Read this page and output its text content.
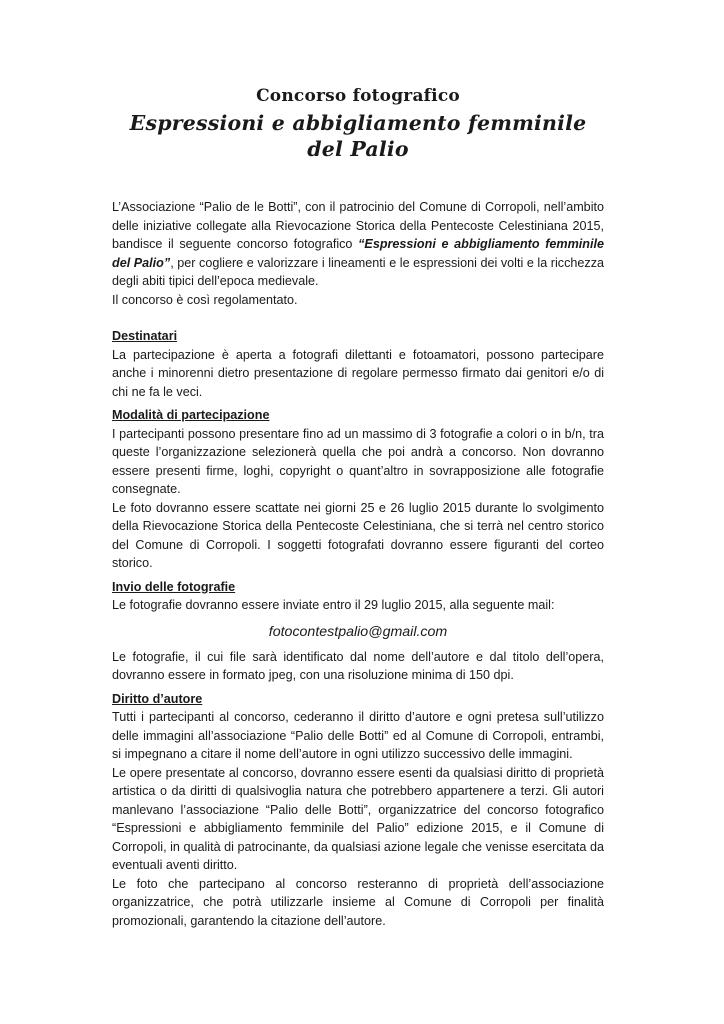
Concorso fotografico
Espressioni e abbigliamento femminile del Palio

L’Associazione “Palio de le Botti”, con il patrocinio del Comune di Corropoli, nell’ambito delle iniziative collegate alla Rievocazione Storica della Pentecoste Celestiniana 2015, bandisce il seguente concorso fotografico “Espressioni e abbigliamento femminile del Palio”, per cogliere e valorizzare i lineamenti e le espressioni dei volti e la ricchezza degli abiti tipici dell’epoca medievale.

Il concorso è così regolamentato.

Destinatari

La partecipazione è aperta a fotografi dilettanti e fotoamatori, possono partecipare anche i minorenni dietro presentazione di regolare permesso firmato dai genitori e/o di chi ne fa le veci.

Modalità di partecipazione

I partecipanti possono presentare fino ad un massimo di 3 fotografie a colori o in b/n, tra queste l’organizzazione selezionerà quella che poi andrà a concorso. Non dovranno essere presenti firme, loghi, copyright o quant’altro in sovrapposizione alle fotografie consegnate.

Le foto dovranno essere scattate nei giorni 25 e 26 luglio 2015 durante lo svolgimento della Rievocazione Storica della Pentecoste Celestiniana, che si terrà nel centro storico del Comune di Corropoli. I soggetti fotografati dovranno essere figuranti del corteo storico.

Invio delle fotografie

Le fotografie dovranno essere inviate entro il 29 luglio 2015, alla seguente mail:

fotocontestpalio@gmail.com

Le fotografie, il cui file sarà identificato dal nome dell’autore e dal titolo dell’opera, dovranno essere in formato jpeg, con una risoluzione minima di 150 dpi.

Diritto d’autore

Tutti i partecipanti al concorso, cederanno il diritto d’autore e ogni pretesa sull’utilizzo delle immagini all’associazione “Palio delle Botti” ed al Comune di Corropoli, entrambi, si impegnano a citare il nome dell’autore in ogni utilizzo successivo delle immagini.

Le opere presentate al concorso, dovranno essere esenti da qualsiasi diritto di proprietà artistica o da diritti di qualsivoglia natura che potrebbero appartenere a terzi. Gli autori manlevano l’associazione “Palio delle Botti”, organizzatrice del concorso fotografico “Espressioni e abbigliamento femminile del Palio” edizione 2015, e il Comune di Corropoli, in qualità di patrocinante, da qualsiasi azione legale che venisse esercitata da eventuali aventi diritto.

Le foto che partecipano al concorso resteranno di proprietà dell’associazione organizzatrice, che potrà utilizzarle insieme al Comune di Corropoli per finalità promozionali, garantendo la citazione dell’autore.
